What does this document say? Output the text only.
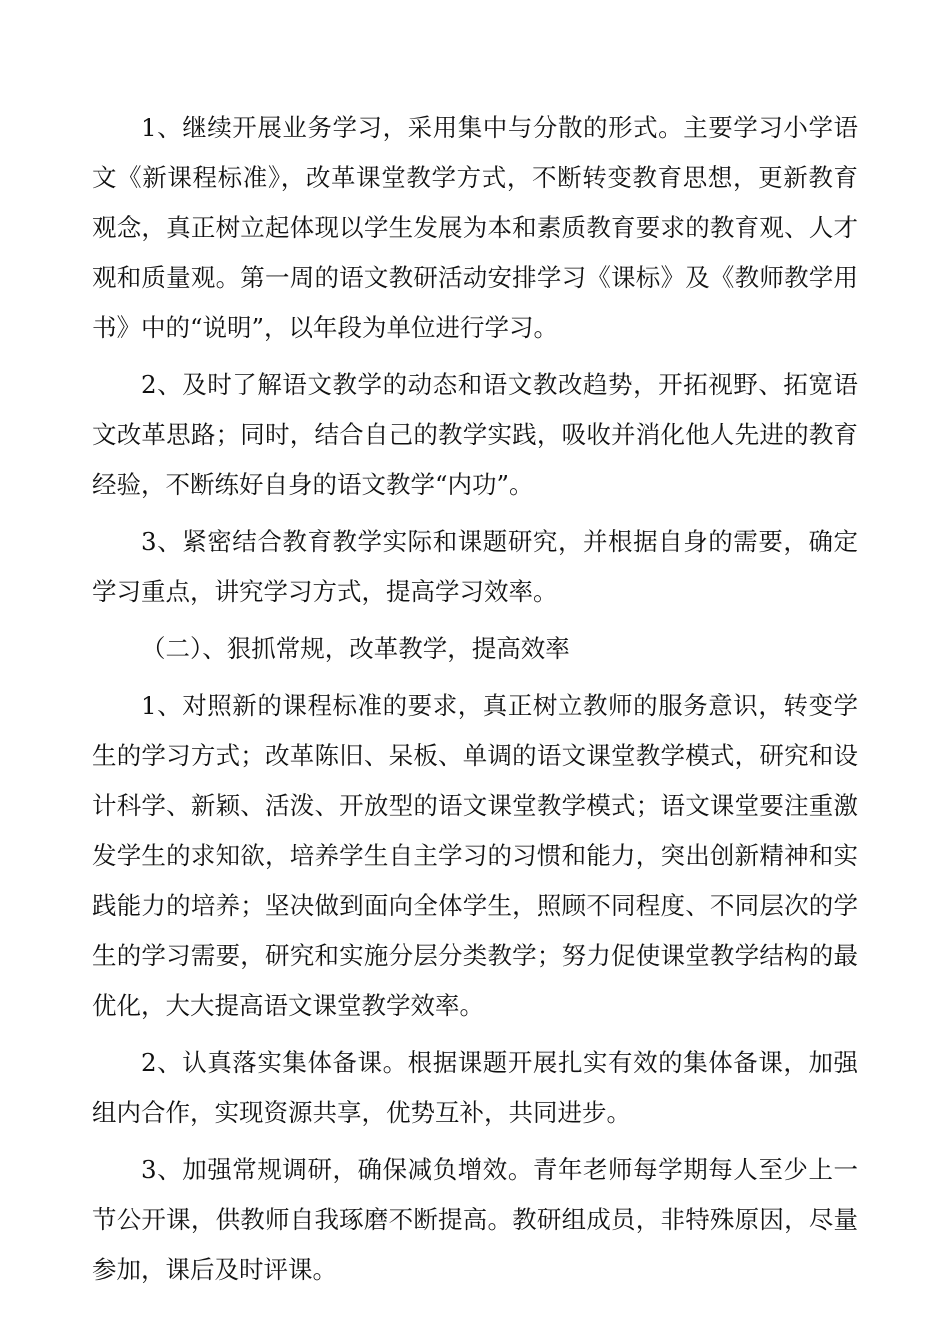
1、继续开展业务学习，采用集中与分散的形式。主要学习小学语文《新课程标准》，改革课堂教学方式，不断转变教育思想，更新教育观念，真正树立起体现以学生发展为本和素质教育要求的教育观、人才观和质量观。第一周的语文教研活动安排学习《课标》及《教师教学用书》中的“说明”，以年段为单位进行学习。

2、及时了解语文教学的动态和语文教改趋势，开拓视野、拓宽语文改革思路；同时，结合自己的教学实践，吸收并消化他人先进的教育经验，不断练好自身的语文教学“内功”。

3、紧密结合教育教学实际和课题研究，并根据自身的需要，确定学习重点，讲究学习方式，提高学习效率。

（二）、狠抓常规，改革教学，提高效率

1、对照新的课程标准的要求，真正树立教师的服务意识，转变学生的学习方式；改革陈旧、呆板、单调的语文课堂教学模式，研究和设计科学、新颖、活泼、开放型的语文课堂教学模式；语文课堂要注重激发学生的求知欲，培养学生自主学习的习惯和能力，突出创新精神和实践能力的培养；坚决做到面向全体学生，照顾不同程度、不同层次的学生的学习需要，研究和实施分层分类教学；努力促使课堂教学结构的最优化，大大提高语文课堂教学效率。

2、认真落实集体备课。根据课题开展扎实有效的集体备课，加强组内合作，实现资源共享，优势互补，共同进步。

3、加强常规调研，确保减负增效。青年老师每学期每人至少上一节公开课，供教师自我琢磨不断提高。教研组成员，非特殊原因，尽量参加，课后及时评课。
